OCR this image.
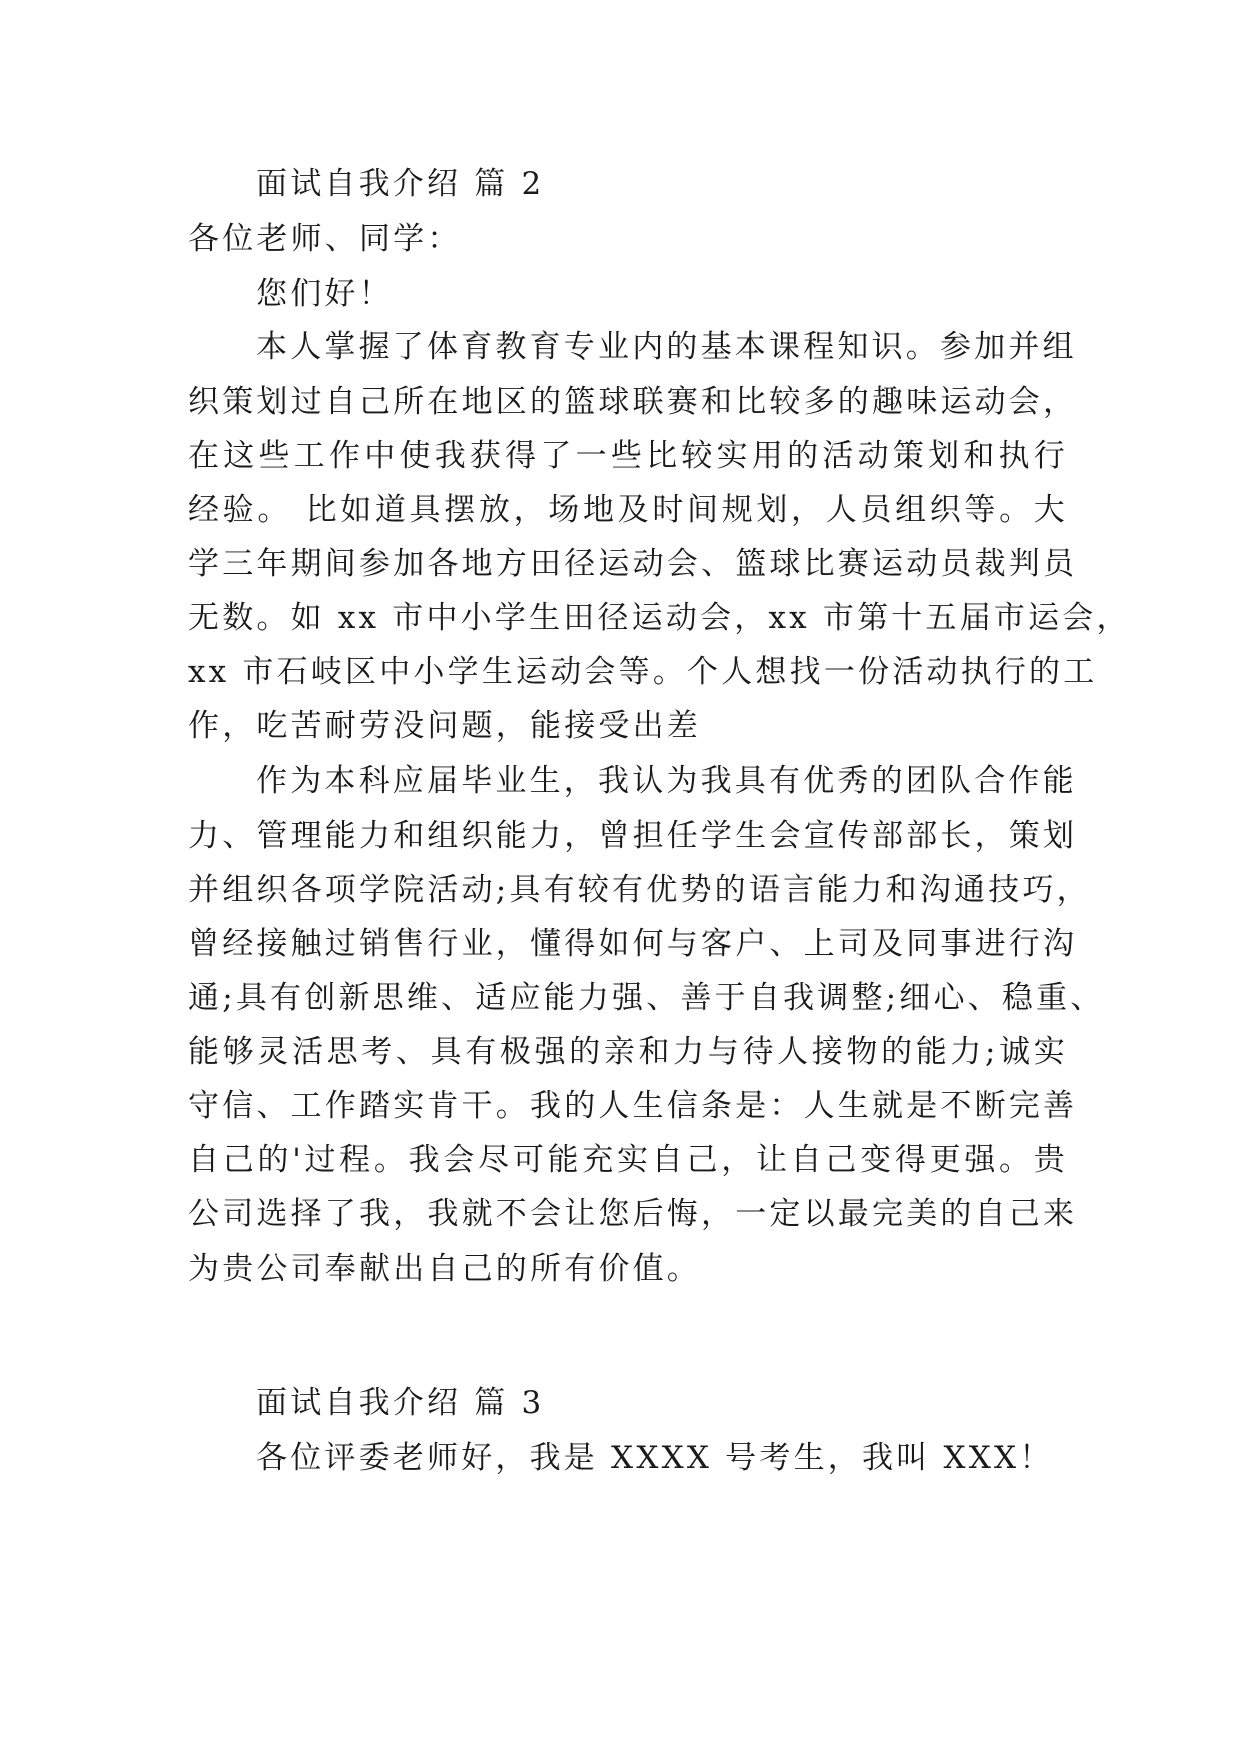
面试自我介绍 篇 2
各位老师、同学：
您们好！
本人掌握了体育教育专业内的基本课程知识。参加并组
织策划过自己所在地区的篮球联赛和比较多的趣味运动会，
在这些工作中使我获得了一些比较实用的活动策划和执行
经验。 比如道具摆放，场地及时间规划，人员组织等。大
学三年期间参加各地方田径运动会、篮球比赛运动员裁判员
无数。如 xx 市中小学生田径运动会，xx 市第十五届市运会，
xx 市石岐区中小学生运动会等。个人想找一份活动执行的工
作，吃苦耐劳没问题，能接受出差
作为本科应届毕业生，我认为我具有优秀的团队合作能
力、管理能力和组织能力，曾担任学生会宣传部部长，策划
并组织各项学院活动;具有较有优势的语言能力和沟通技巧，
曾经接触过销售行业，懂得如何与客户、上司及同事进行沟
通;具有创新思维、适应能力强、善于自我调整;细心、稳重、
能够灵活思考、具有极强的亲和力与待人接物的能力;诚实
守信、工作踏实肯干。我的人生信条是：人生就是不断完善
自己的'过程。我会尽可能充实自己，让自己变得更强。贵
公司选择了我，我就不会让您后悔，一定以最完美的自己来
为贵公司奉献出自己的所有价值。
面试自我介绍 篇 3
各位评委老师好，我是 XXXX 号考生，我叫 XXX！
